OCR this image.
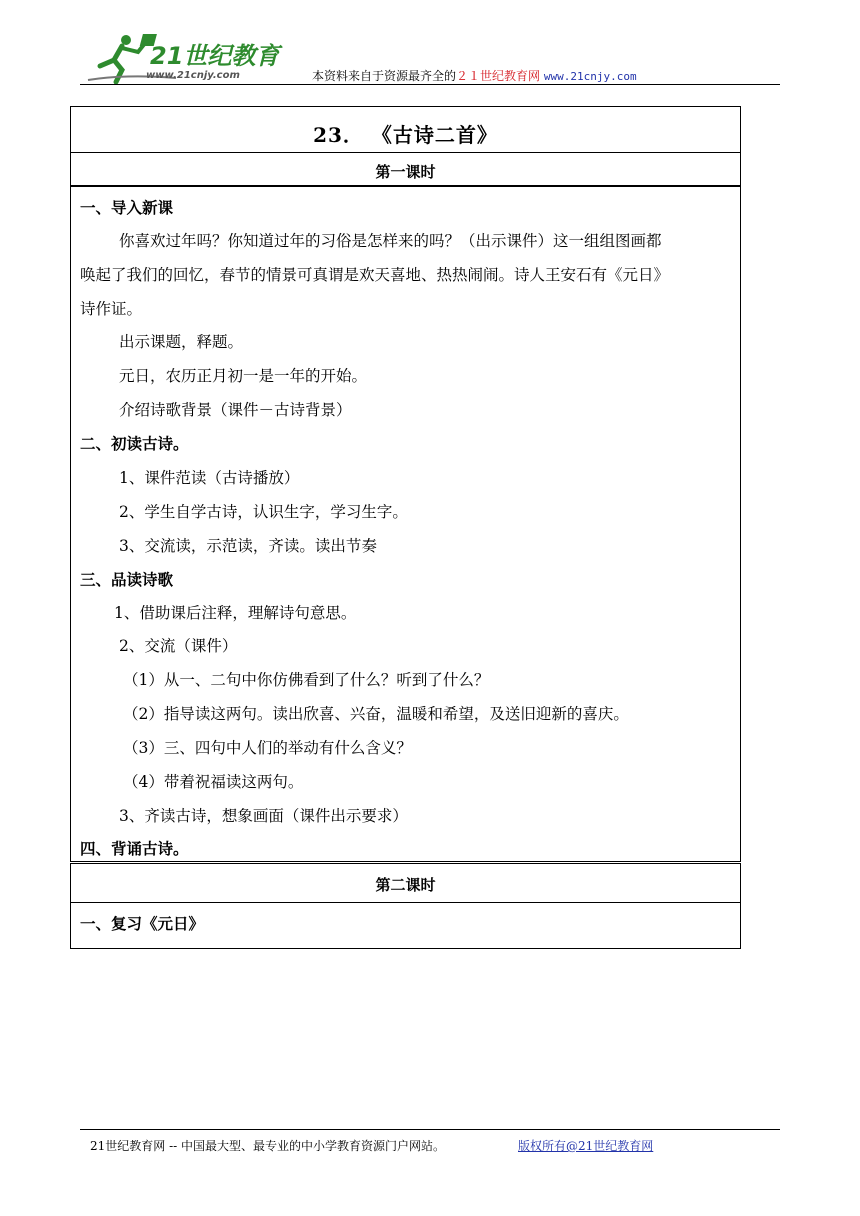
21世纪教育
www.21cnjy.com	本资料来自于资源最齐全的２１世纪教育网 www.21cnjy.com
23． 《古诗二首》
第一课时
一、导入新课
你喜欢过年吗？你知道过年的习俗是怎样来的吗？（出示课件）这一组组图画都
唤起了我们的回忆，春节的情景可真谓是欢天喜地、热热闹闹。诗人王安石有《元日》
诗作证。
出示课题，释题。
元日，农历正月初一是一年的开始。
介绍诗歌背景（课件－古诗背景）
二、初读古诗。
1、课件范读（古诗播放）
2、学生自学古诗，认识生字，学习生字。
3、交流读，示范读，齐读。读出节奏
三、品读诗歌
1、借助课后注释，理解诗句意思。
2、交流（课件）
（1）从一、二句中你仿佛看到了什么？听到了什么？
（2）指导读这两句。读出欣喜、兴奋，温暖和希望，及送旧迎新的喜庆。
（3）三、四句中人们的举动有什么含义？
（4）带着祝福读这两句。
3、齐读古诗，想象画面（课件出示要求）
四、背诵古诗。
第二课时
一、复习《元日》
21世纪教育网 -- 中国最大型、最专业的中小学教育资源门户网站。	版权所有@21世纪教育网
